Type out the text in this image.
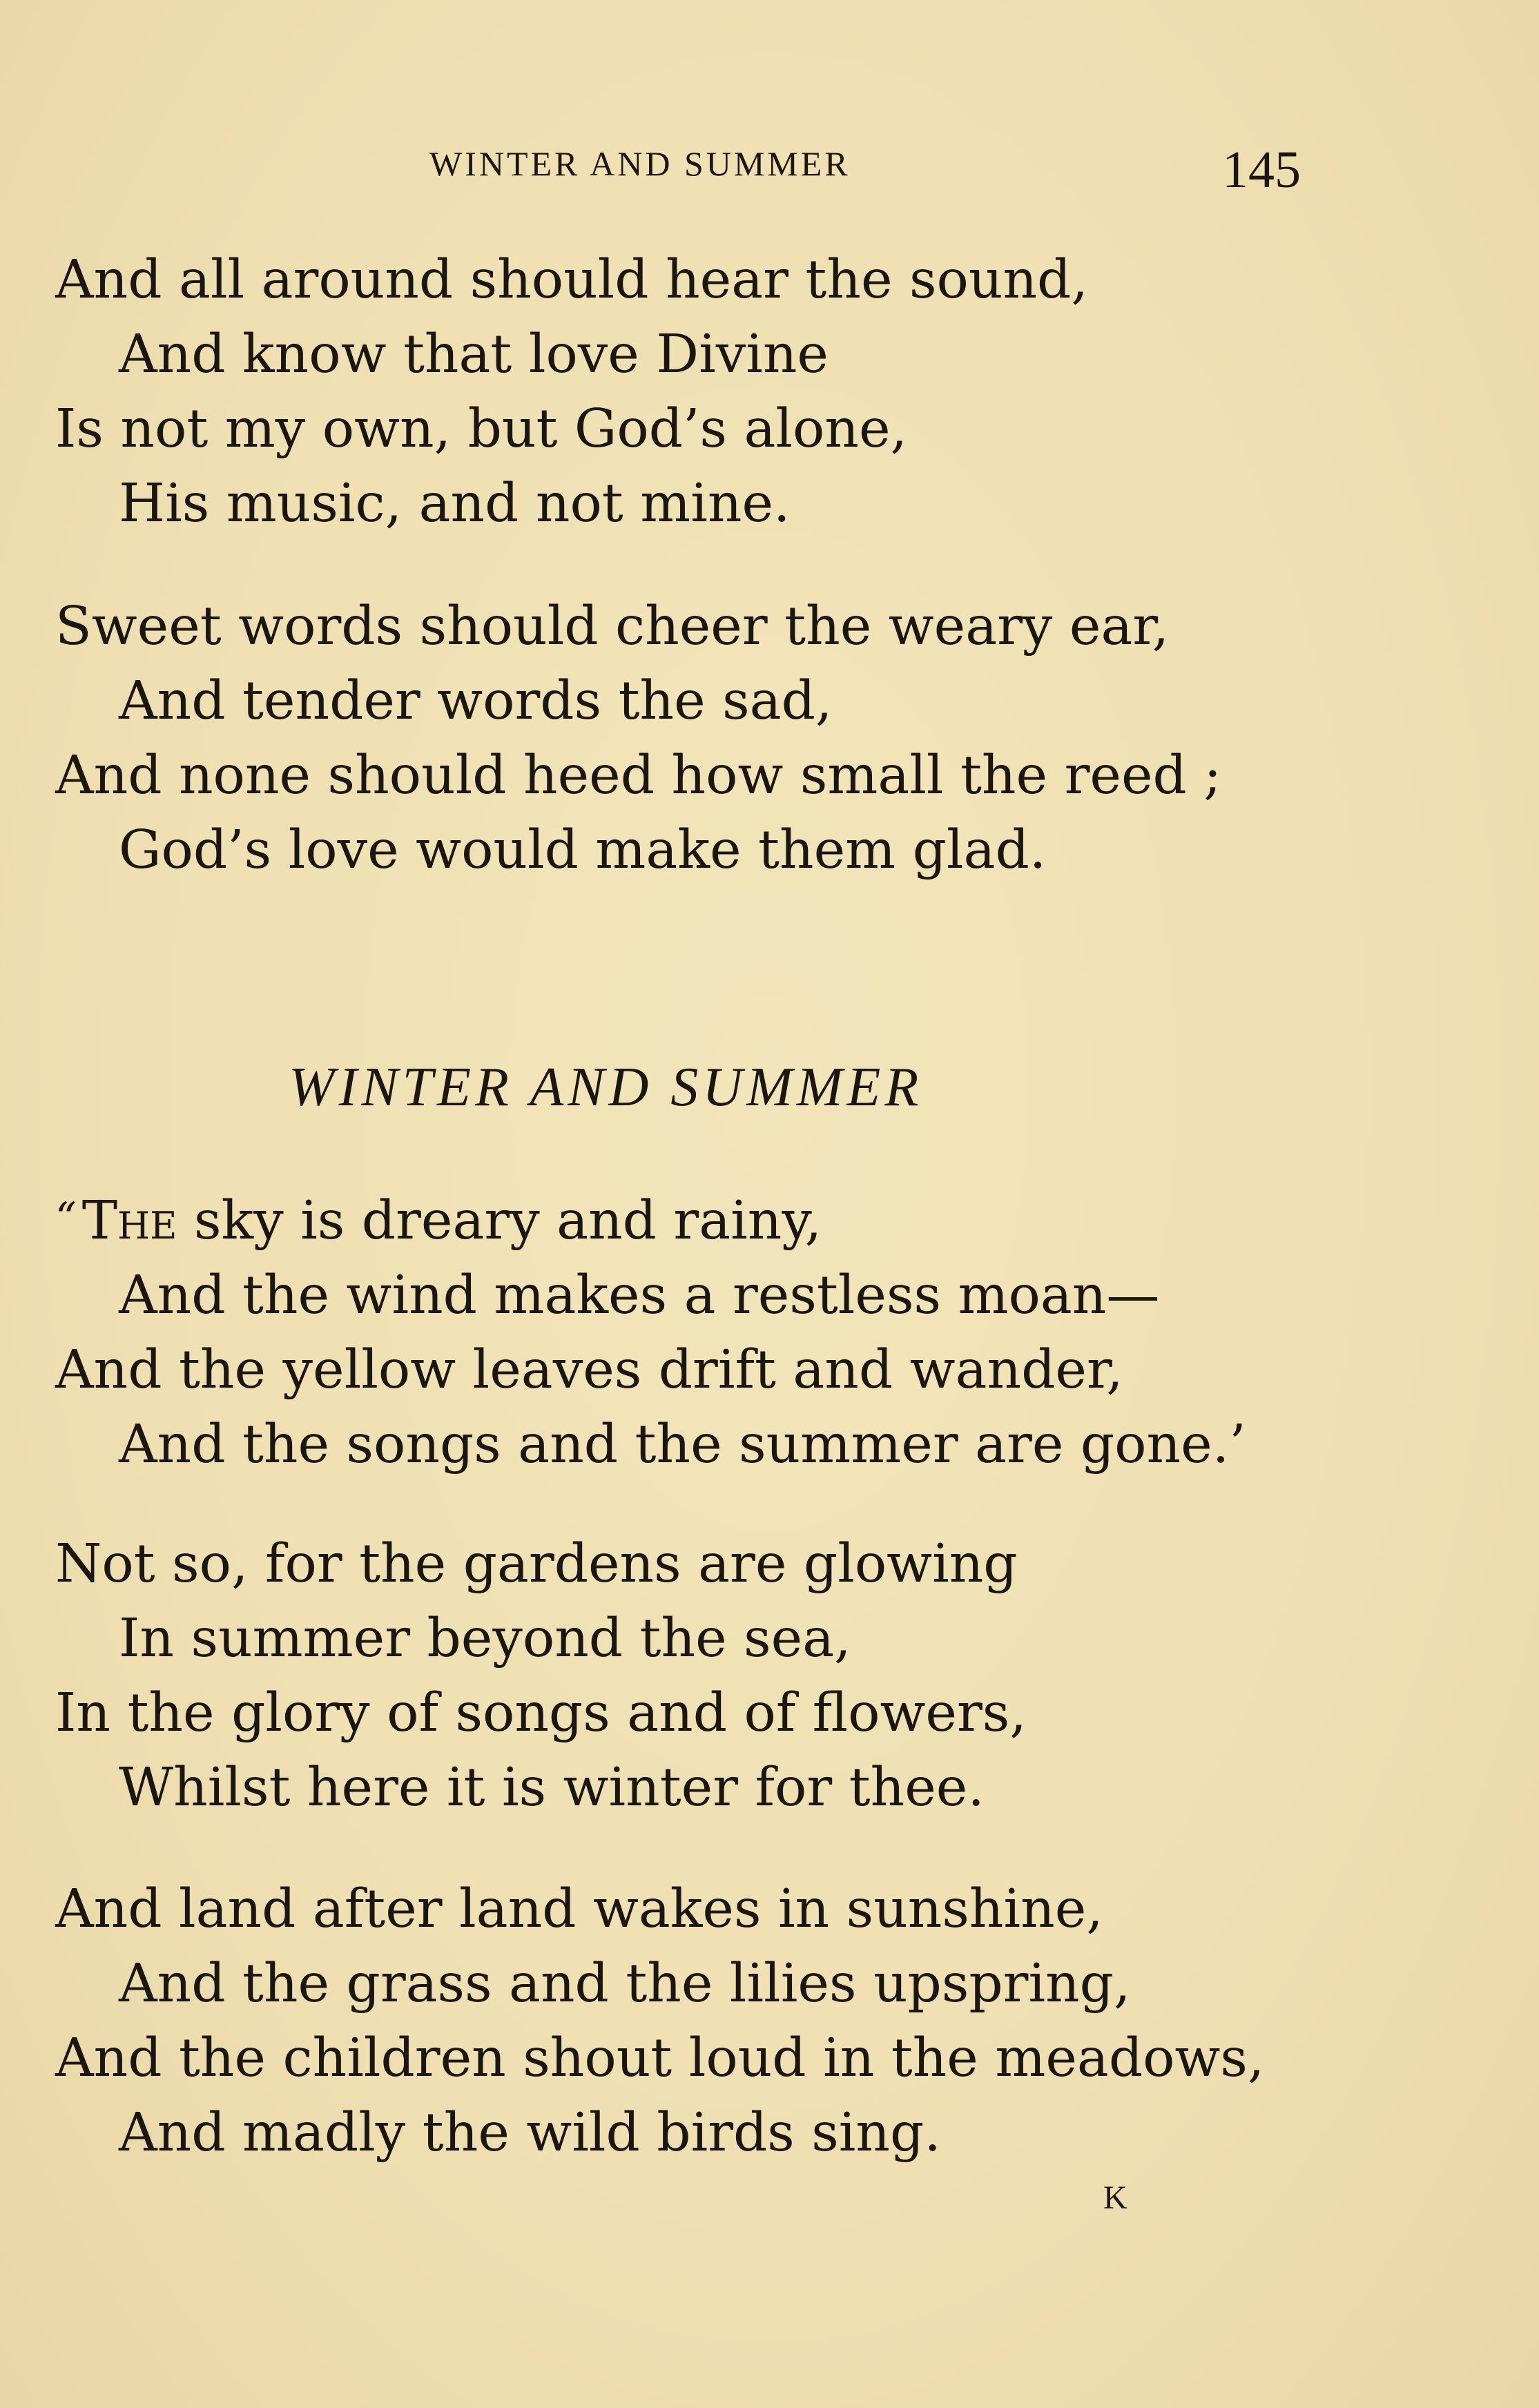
WINTER AND SUMMER	145
And all around should hear the sound,
And know that love Divine
Is not my own, but God’s alone,
His music, and not mine.
Sweet words should cheer the weary ear,
And tender words the sad,
And none should heed how small the reed ;
God’s love would make them glad.
WINTER AND SUMMER
“ The sky is dreary and rainy,
And the wind makes a restless moan—
And the yellow leaves drift and wander,
And the songs and the summer are gone.’
Not so, for the gardens are glowing
In summer beyond the sea,
In the glory of songs and of flowers,
Whilst here it is winter for thee.
And land after land wakes in sunshine,
And the grass and the lilies upspring,
And the children shout loud in the meadows,
And madly the wild birds sing.
K
